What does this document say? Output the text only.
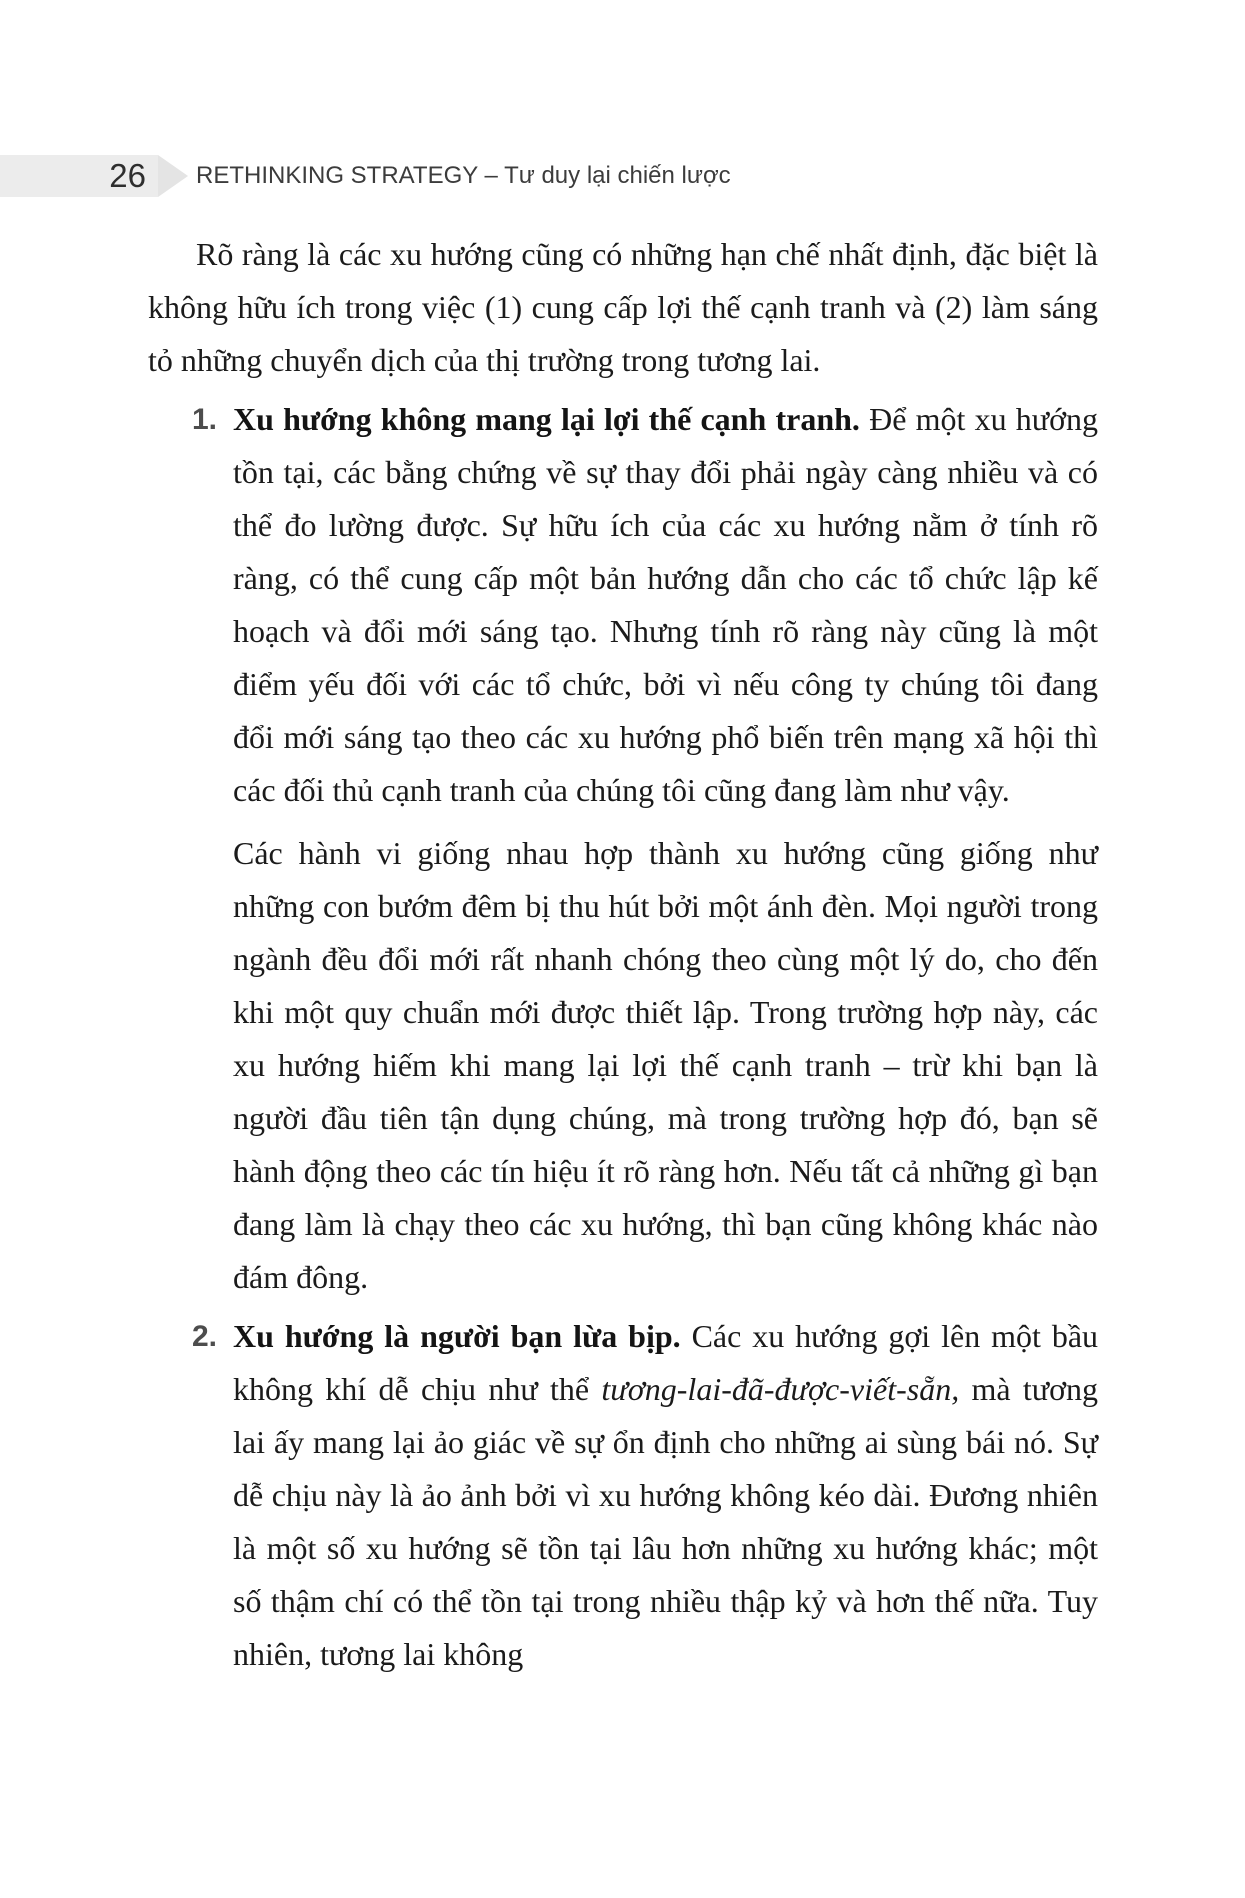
26 RETHINKING STRATEGY – Tư duy lại chiến lược

Rõ ràng là các xu hướng cũng có những hạn chế nhất định, đặc biệt là không hữu ích trong việc (1) cung cấp lợi thế cạnh tranh và (2) làm sáng tỏ những chuyển dịch của thị trường trong tương lai.

1. Xu hướng không mang lại lợi thế cạnh tranh. Để một xu hướng tồn tại, các bằng chứng về sự thay đổi phải ngày càng nhiều và có thể đo lường được. Sự hữu ích của các xu hướng nằm ở tính rõ ràng, có thể cung cấp một bản hướng dẫn cho các tổ chức lập kế hoạch và đổi mới sáng tạo. Nhưng tính rõ ràng này cũng là một điểm yếu đối với các tổ chức, bởi vì nếu công ty chúng tôi đang đổi mới sáng tạo theo các xu hướng phổ biến trên mạng xã hội thì các đối thủ cạnh tranh của chúng tôi cũng đang làm như vậy.

Các hành vi giống nhau hợp thành xu hướng cũng giống như những con bướm đêm bị thu hút bởi một ánh đèn. Mọi người trong ngành đều đổi mới rất nhanh chóng theo cùng một lý do, cho đến khi một quy chuẩn mới được thiết lập. Trong trường hợp này, các xu hướng hiếm khi mang lại lợi thế cạnh tranh – trừ khi bạn là người đầu tiên tận dụng chúng, mà trong trường hợp đó, bạn sẽ hành động theo các tín hiệu ít rõ ràng hơn. Nếu tất cả những gì bạn đang làm là chạy theo các xu hướng, thì bạn cũng không khác nào đám đông.

2. Xu hướng là người bạn lừa bịp. Các xu hướng gợi lên một bầu không khí dễ chịu như thể tương-lai-đã-được-viết-sẵn, mà tương lai ấy mang lại ảo giác về sự ổn định cho những ai sùng bái nó. Sự dễ chịu này là ảo ảnh bởi vì xu hướng không kéo dài. Đương nhiên là một số xu hướng sẽ tồn tại lâu hơn những xu hướng khác; một số thậm chí có thể tồn tại trong nhiều thập kỷ và hơn thế nữa. Tuy nhiên, tương lai không
